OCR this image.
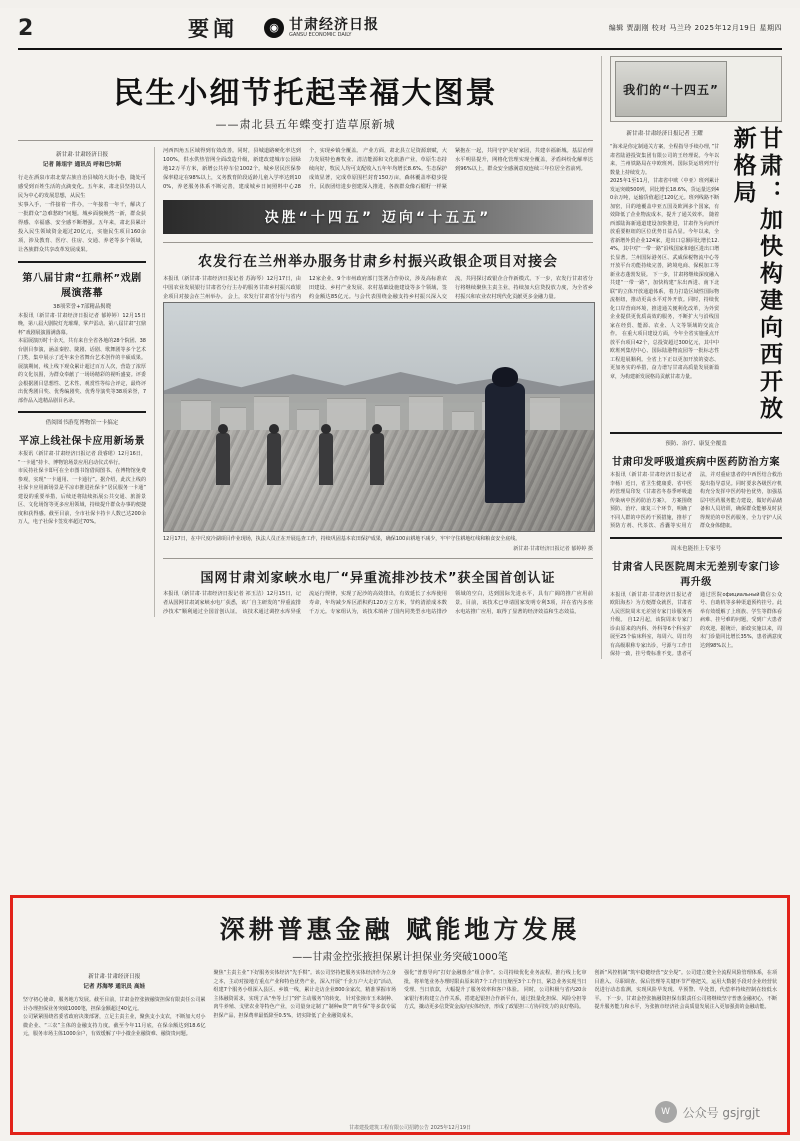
2	要闻	◉ 甘肃经济日报
GANSU ECONOMIC DAILY
编辑 贾副刚 校对 马兰玲 2025年12月19日 星期四
民生小细节托起幸福大图景
——肃北县五年蝶变打造草原新城
新甘肃·甘肃经济日报
记者 陈俎宇 通讯员 呼和巴尔斯
行走在酒泉市肃北蒙古族自治县城的大街小巷，随处可感受到百姓生活的点滴变化。五年来，肃北县坚持以人民为中心的发展思想，从民生
实事入手，一件接着一件办，一年接着一年干，解决了一批群众“急难愁盼”问题。城乡面貌焕然一新，群众获得感、幸福感、安全感不断增强。五年来，肃北县累计投入民生领域资金超过20亿元，实施民生项目160余项，涉及教育、医疗、住房、交通、养老等多个领域，让各族群众共享改革发展成果。
第八届甘肃“扛鼎杯”戏剧展演落幕
38项荣誉+7部精品揭晓
本报讯（新甘肃·甘肃经济日报记者 郁婷婷）12月15日晚，第八届大剧院灯光璀璨，掌声雷动。第八届甘肃“扛鼎杯”戏剧展演圆满落幕。
本届展演历时十余天，共有来自全省各地的28个院团、38台剧目参演，涵盖秦腔、陇剧、话剧、歌舞剧等多个艺术门类，集中展示了近年来全省舞台艺术创作的丰硕成果。展演期间，线上线下观众累计超过百万人次，营造了浓厚的文化氛围，为群众奉献了一场场精彩的视听盛宴。评委会根据剧目思想性、艺术性、观赏性等综合评定，最终评出优秀剧目奖、优秀编剧奖、优秀导演奖等38项荣誉，7部作品入选精品剧目名录。
借阅图书游览博物馆一卡搞定
平凉上线社保卡应用新场景
本报讯（新甘肃·甘肃经济日报记者 段睿珺）12月16日，“一卡通”持卡、博物馆场景应用启动仪式举行。
市民持社保卡即可在全市图书馆借阅图书、在博物馆免费参观，实现“一卡通用、一卡通行”。据介绍，此次上线的社保卡应用新场景是平凉市推进社保卡“居民服务一卡通”建设的重要举措，后续还将陆续拓展公共交通、旅游景区、文化场馆等更多应用领域，持续提升群众办事的便捷度和获得感。截至目前，全市社保卡持卡人数已达200余万人，电子社保卡签发率超过70%。
河西四角五区域得到有效改善。同时，县城道路硬化率达到100%，供水供热管网全面改造升级，新建改建城市公园绿地12万平方米，新增公共停车位1002个。城乡居民医保参保率稳定在98%以上，义务教育阶段适龄儿童入学率达到100%，养老服务体系不断完善，建成城乡日间照料中心28个，实现乡镇全覆盖。 产业方面，肃北县立足资源禀赋，大力发展特色畜牧业、清洁能源和文化旅游产业，草原生态持续向好，牧民人均可支配收入五年年均增长8.6%。生态保护成效显著，完成草原围栏封育150万亩，森林覆盖率稳步提升。民族团结进步创建深入推进，各族群众像石榴籽一样紧紧抱在一起，共同守护美好家园，共建幸福新城。基层治理水平明显提升，网格化管理实现全覆盖，矛盾纠纷化解率达到96%以上，群众安全感满意度连续三年位居全省前列。
决胜“十四五” 迈向“十五五”
农发行在兰州举办服务甘肃乡村振兴政银企项目对接会
本报讯（新甘肃·甘肃经济日报记者 苏海琴）12月17日，由中国农业发展银行甘肃省分行主办的服务甘肃乡村振兴政银企项目对接会在兰州举办。 会上，农发行甘肃省分行与省内12家企业、9个市州政府部门签署合作协议，涉及高标准农田建设、乡村产业发展、农村基础设施建设等多个领域，签约金额达85亿元。与会代表围绕金融支持乡村振兴深入交流，共同探讨政银企合作新模式。下一步，农发行甘肃省分行将继续聚焦主责主业，持续加大信贷投放力度，为全省乡村振兴和农业农村现代化贡献更多金融力量。
12月17日，在中尺度冷湖项目作业现场，执法人员正在开展巡查工作，持续巩固基本农田保护成果，确保100亩耕地不减少，牢牢守住耕地红线和粮食安全底线。
新甘肃·甘肃经济日报记者 郁婷婷 摄
国网甘肃刘家峡水电厂“异重流排沙技术”获全国首创认证
本报讯（新甘肃·甘肃经济日报记者 祁玉洁）12月15日，记者从国网甘肃刘家峡水电厂获悉，该厂自主研发的“异重流排沙技术”顺利通过全国首创认证。 该技术通过调控水库异重流运行规律，实现了泥沙的高效排出，有效延长了水库使用寿命，年均减少库区淤积约120万立方米，节约清淤成本数千万元。专家组认为，该技术填补了国内同类型水电站排沙领域的空白，达到国际先进水平，具有广阔的推广应用前景。目前，该技术已申请国家发明专利3项，并在省内多座水电站推广应用，取得了显著的经济效益和生态效益。
我们的“十四五”
新甘肃·甘肃经济日报记者 王耀
“海米是你定制通关方案，全程指导手续办理，”甘肃省陆港投资集团有限公司的王经理说。今年以来，兰州铁路局在中欧班列、国际货运班列开行数量上持续发力。
2025年1至11月，甘肃省中欧（中亚）班列累计发运突破500列，同比增长18.6%，货运量达到40余万吨，运输货值超过120亿元。班列线路不断加密，目的地覆盖中亚五国及欧洲多个国家，有效降低了企业物流成本，提升了通关效率。 随着西部陆海新通道建设加快推进，甘肃作为向西开放重要枢纽的区位优势日益凸显。今年以来，全省新增外贸企业124家，进出口总额同比增长12.4%，其中对“一带一路”沿线国家和地区进出口增长显著。兰州国际港务区、武威保税物流中心等开放平台功能持续完善，跨境电商、保税加工等新业态蓬勃发展。 下一步，甘肃将继续深度融入共建“一带一路”，加快构建“东出西进、南下北联”的立体开放通道体系，着力打造区域性国际物流枢纽，推动更高水平对外开放。同时，持续优化口岸营商环境，推进通关便利化改革，为外贸企业提供更优质高效的服务，不断扩大与沿线国家在经贸、能源、农业、人文等领域的交流合作。 在重大项目建设方面，今年全省实施重点开放平台项目42个，总投资超过300亿元，其中中欧班列集结中心、国际陆港物流园等一批标志性工程进展顺利。全省上下正以更加开放的姿态、更加务实的举措，奋力谱写甘肃高质量发展新篇章，为构建新发展格局贡献甘肃力量。	甘肃：加快构建向西开放新格局
预防、治疗、康复全覆盖
甘肃印发呼吸道疾病中医药防治方案
本报讯（新甘肃·甘肃经济日报记者 李杨）近日，省卫生健康委、省中医药管理局印发《甘肃省冬春季呼吸道传染病中医药防治方案》。 方案围绕预防、治疗、康复三个环节，明确了不同人群的中医药干预措施，推荐了预防方剂、代茶饮、香囊等实用方法，并对重症患者的中西医结合救治提出指导意见。同时要求各级医疗机构充分发挥中医药特色优势，加强基层中医药服务能力建设，做好药品储备和人员培训，确保群众能够及时获得规范的中医药服务，全力守护人民群众身体健康。
周末也能挂上专家号
甘肃省人民医院周末无差别专家门诊再升级
本报讯（新甘肃·甘肃经济日报记者 欧阳海杰）为方便群众就医，甘肃省人民医院周末无差别专家门诊服务再升级。 自12月起，该院周末专家门诊由原来的内科、外科等6个科室扩展至25个临床科室，每周六、周日均有高级职称专家出诊，号源与工作日保持一致，挂号费标准不变。患者可通过医院официальный微信公众号、自助机等多种渠道预约挂号。此举有效缓解了上班族、学生等群体看病难、挂号难的问题，受到广大患者的欢迎。据统计，新政实施以来，周末门诊量同比增长35%，患者满意度达到98%以上。
深耕普惠金融 赋能地方发展
——甘肃金控张掖担保累计担保业务突破1000笔
新甘肃·甘肃经济日报
记者 苏海琴 通讯员 高娃
坚守初心使命，服务地方发展。截至目前，甘肃金控张掖融资担保有限责任公司累计办理担保业务突破1000笔，担保金额超过40亿元。
公司紧紧围绕省委省政府决策部署，立足主责主业，聚焦支小支农，不断加大对小微企业、“三农”主体的金融支持力度。截至今年11月底，在保余额达到18.6亿元，服务市场主体1000余户，有效缓解了中小微企业融资难、融资贵问题。
聚焦“主责主业”下好服务实体经济“先手棋”。该公司坚持把服务实体经济作为立身之本，主动对接地方重点产业和特色优势产业，深入开展“千企万户大走访”活动，组建7个服务小组深入县区、乡镇一线，累计走访企业800余家次，精准掌握市场主体融资需求，实现了从“坐等上门”到“主动服务”的转变。 针对张掖市玉米制种、肉牛养殖、戈壁农业等特色产业，公司量身定制了“制种e贷”“肉牛保”等多款专属担保产品，担保费率最低降至0.5%，切实降低了企业融资成本。
强化“普惠导向”打好金融惠企“组合拳”。公司持续优化业务流程，推行线上化审批，将单笔业务办理时限由原来的7个工作日压缩至3个工作日，紧急业务实现当日受理、当日放款，大幅提升了服务效率和客户体验。 同时，公司积极与省内20余家银行机构建立合作关系，搭建起银担合作新平台，通过批量化担保、风险分担等方式，撬动更多信贷资金流向实体经济，形成了政银担三方协同发力的良好格局。
创新“风控机制”筑牢稳健经营“安全堤”。公司建立健全全流程风险管理体系，在项目准入、尽职调查、保后管理等关键环节严格把关，运用大数据手段对企业经营状况进行动态监测，实现风险早发现、早预警、早处置，代偿率持续控制在较低水平。 下一步，甘肃金控张掖融资担保有限责任公司将继续坚守普惠金融初心，不断提升服务能力和水平，为张掖市经济社会高质量发展注入更加强劲的金融动能。
甘肃建投建筑工程有限公司招聘公告 2025年12月19日
W	公众号 gsjrgjt
